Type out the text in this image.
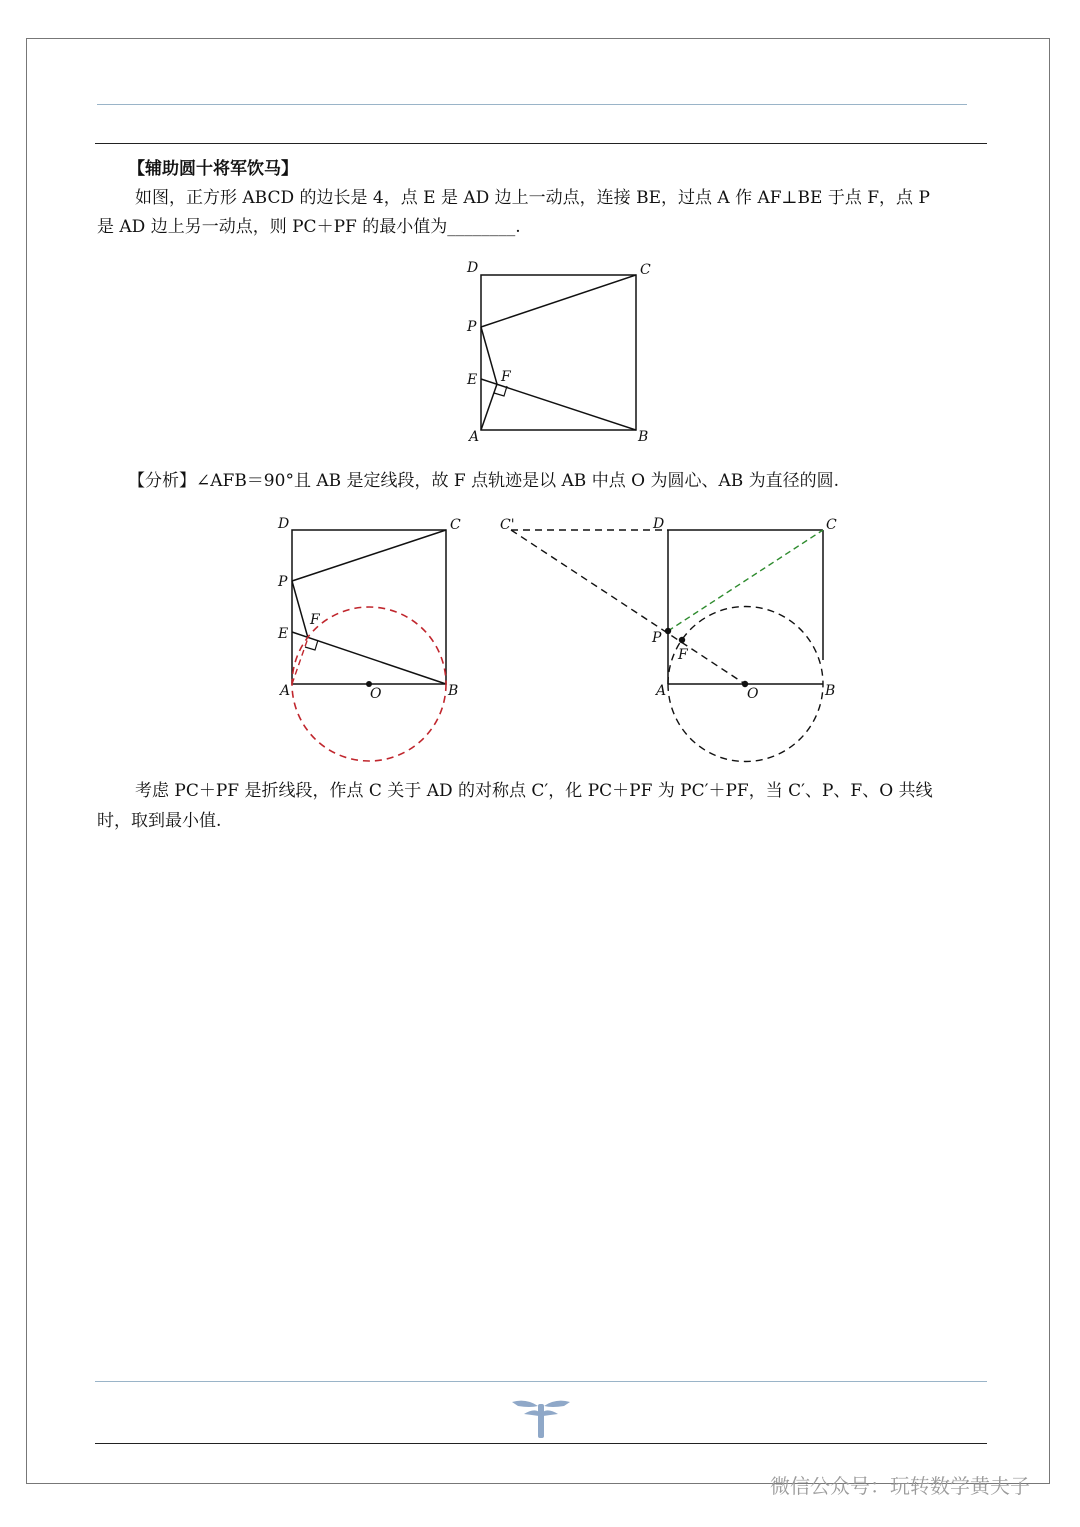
【辅助圆十将军饮马】
如图，正方形 ABCD 的边长是 4，点 E 是 AD 边上一动点，连接 BE，过点 A 作 AF⊥BE 于点 F，点 P
是 AD 边上另一动点，则 PC＋PF 的最小值为________.
D	C
P
E F
A	B
【分析】∠AFB＝90°且 AB 是定线段，故 F 点轨迹是以 AB 中点 O 为圆心、AB 为直径的圆.
D	C
P
E
F
A	O	B
C'	D	C
P
F
A	O	B
考虑 PC＋PF 是折线段，作点 C 关于 AD 的对称点 C′，化 PC＋PF 为 PC′＋PF，当 C′、P、F、O 共线
时，取到最小值.
微信公众号：玩转数学黄夫子
